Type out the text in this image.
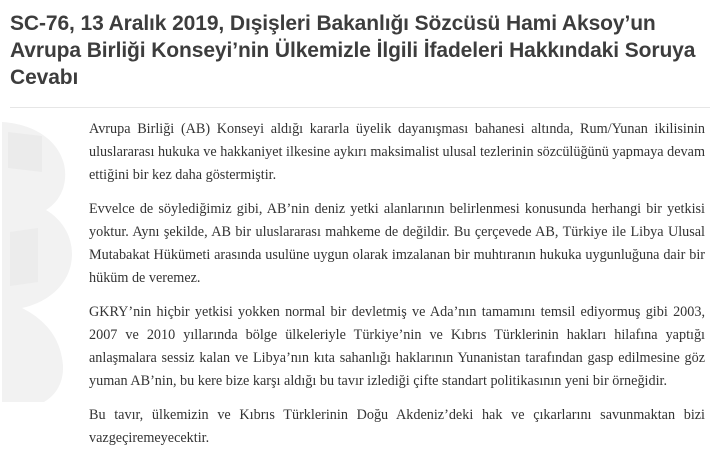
SC-76, 13 Aralık 2019, Dışişleri Bakanlığı Sözcüsü Hami Aksoy’un Avrupa Birliği Konseyi’nin Ülkemizle İlgili İfadeleri Hakkındaki Soruya Cevabı

Avrupa Birliği (AB) Konseyi aldığı kararla üyelik dayanışması bahanesi altında, Rum/Yunan ikilisinin uluslararası hukuka ve hakkaniyet ilkesine aykırı maksimalist ulusal tezlerinin sözcülüğünü yapmaya devam ettiğini bir kez daha göstermiştir.

Evvelce de söylediğimiz gibi, AB’nin deniz yetki alanlarının belirlenmesi konusunda herhangi bir yetkisi yoktur. Aynı şekilde, AB bir uluslararası mahkeme de değildir. Bu çerçevede AB, Türkiye ile Libya Ulusal Mutabakat Hükümeti arasında usulüne uygun olarak imzalanan bir muhtıranın hukuka uygunluğuna dair bir hüküm de veremez.

GKRY’nin hiçbir yetkisi yokken normal bir devletmiş ve Ada’nın tamamını temsil ediyormuş gibi 2003, 2007 ve 2010 yıllarında bölge ülkeleriyle Türkiye’nin ve Kıbrıs Türklerinin hakları hilafına yaptığı anlaşmalara sessiz kalan ve Libya’nın kıta sahanlığı haklarının Yunanistan tarafından gasp edilmesine göz yuman AB’nin, bu kere bize karşı aldığı bu tavır izlediği çifte standart politikasının yeni bir örneğidir.

Bu tavır, ülkemizin ve Kıbrıs Türklerinin Doğu Akdeniz’deki hak ve çıkarlarını savunmaktan bizi vazgeçiremeyecektir.
